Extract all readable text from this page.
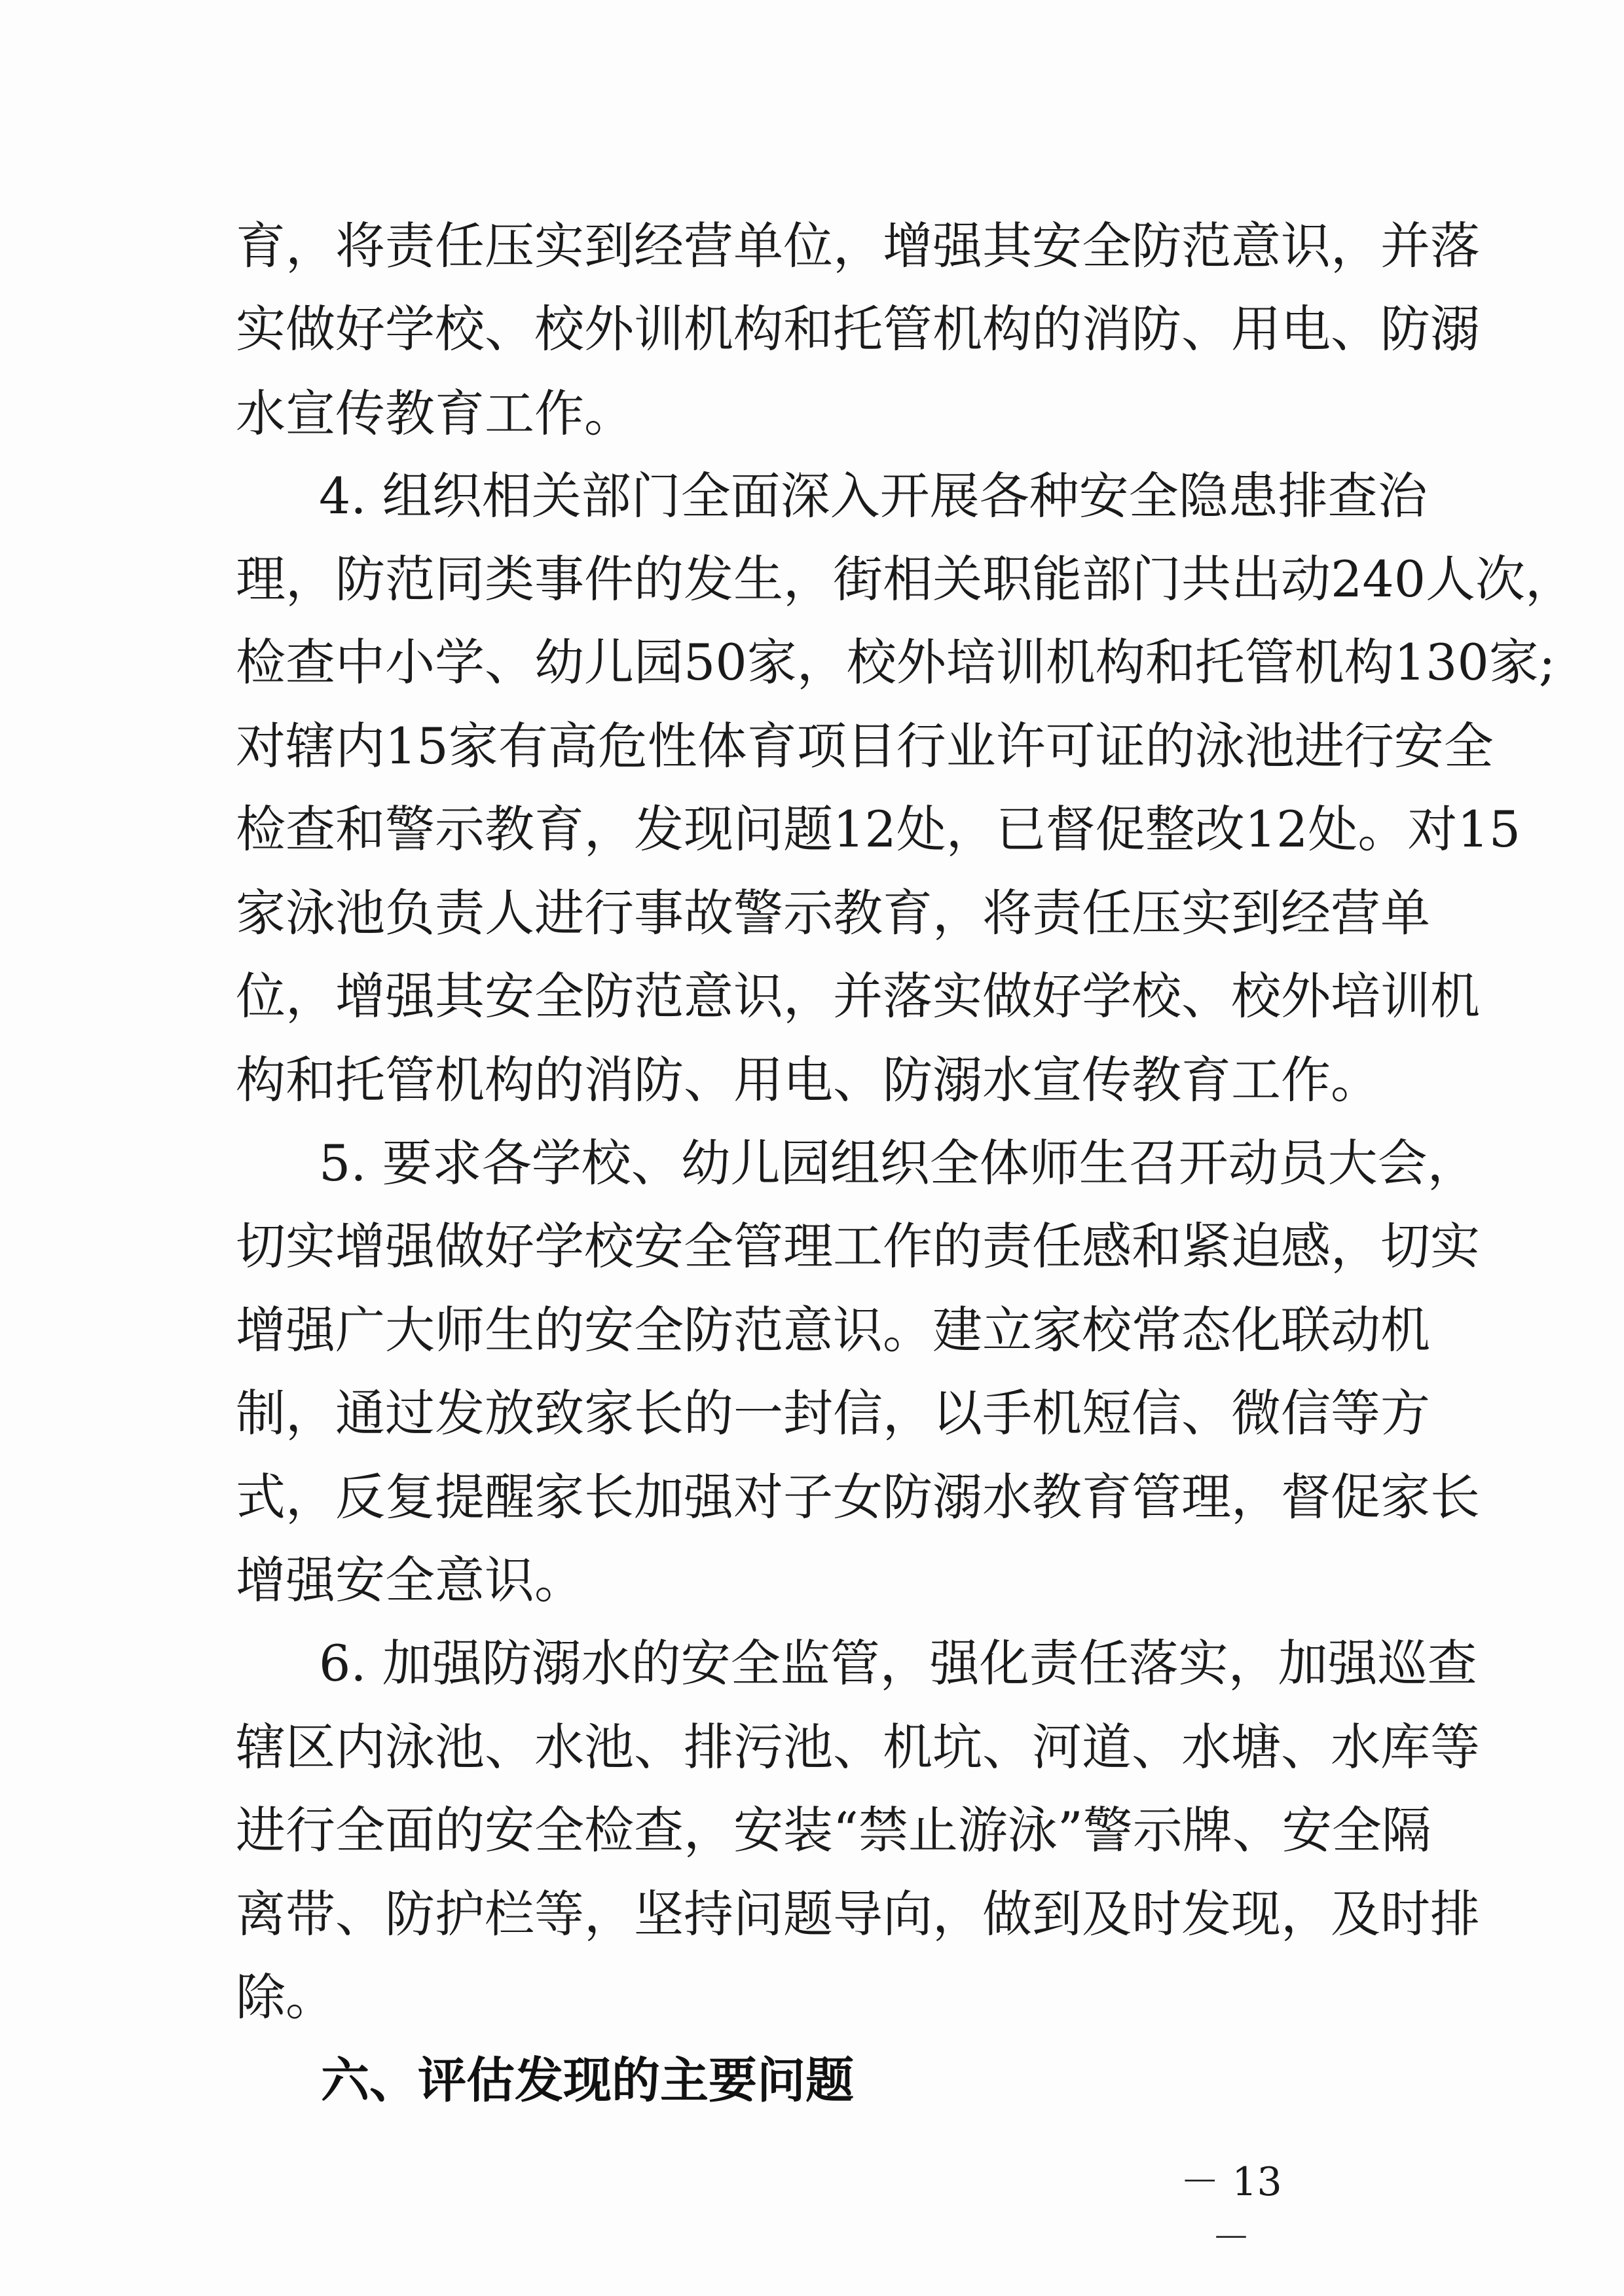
育，将责任压实到经营单位，增强其安全防范意识，并落
实做好学校、校外训机构和托管机构的消防、用电、防溺
水宣传教育工作。
4. 组织相关部门全面深入开展各种安全隐患排查治
理，防范同类事件的发生，街相关职能部门共出动240人次，
检查中小学、幼儿园50家，校外培训机构和托管机构130家;
对辖内15家有高危性体育项目行业许可证的泳池进行安全
检查和警示教育，发现问题12处，已督促整改12处。对15
家泳池负责人进行事故警示教育，将责任压实到经营单
位，增强其安全防范意识，并落实做好学校、校外培训机
构和托管机构的消防、用电、防溺水宣传教育工作。
5. 要求各学校、幼儿园组织全体师生召开动员大会，
切实增强做好学校安全管理工作的责任感和紧迫感，切实
增强广大师生的安全防范意识。建立家校常态化联动机
制，通过发放致家长的一封信，以手机短信、微信等方
式，反复提醒家长加强对子女防溺水教育管理，督促家长
增强安全意识。
6. 加强防溺水的安全监管，强化责任落实，加强巡查
辖区内泳池、水池、排污池、机坑、河道、水塘、水库等
进行全面的安全检查，安装“禁止游泳”警示牌、安全隔
离带、防护栏等，坚持问题导向，做到及时发现，及时排
除。
六、评估发现的主要问题
－ 13 －
